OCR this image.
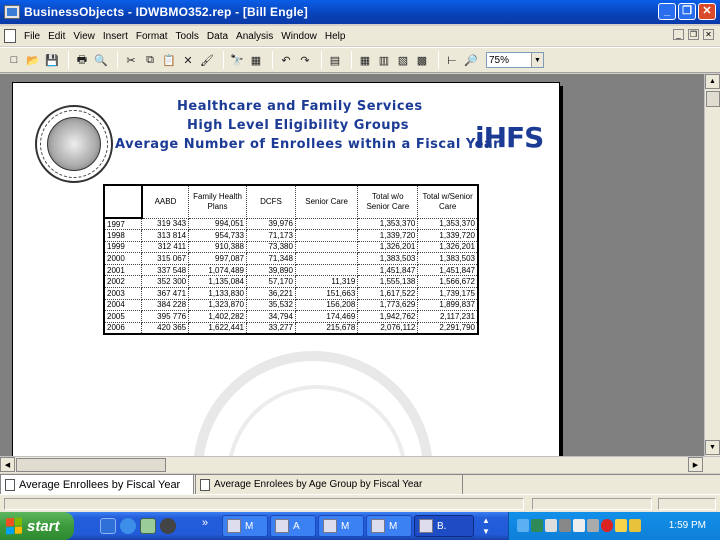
BusinessObjects - IDWBMO352.rep - [Bill Engle]	_	❐ ✕
File Edit View Insert Format Tools Data Analysis Window Help	_	❐ ✕
□ 📂 💾 🖶 🔍	✂ ⧉ 📋 ✕ 🖌 🔭 ▦	↶ ↷	▤ ▦ ▥ ▧ ▩ ⊢ 🔎 75%	▼
Healthcare and Family Services
High Level Eligibility Groups
Average Number of Enrollees within a Fiscal Year
iHFS
	AABD	Family Health Plans	DCFS	Senior Care	Total w/o Senior Care	Total w/Senior Care
1997	319 343	994,051	39,976		1,353,370	1,353,370
1998	313 814	954,733	71,173		1,339,720	1,339,720
1999	312 411	910,388	73,380		1,326,201	1,326,201
2000	315 067	997,087	71,348		1,383,503	1,383,503
2001	337 548	1,074,489	39,890		1,451,847	1,451,847
2002	352 300	1,135,084	57,170	11,319	1,555,138	1,566,672
2003	367 471	1,133,830	36,221	151,663	1,617,522	1,739,175
2004	384 228	1,323,870	35,532	156,208	1,773,629	1,899,837
2005	395 776	1,402,282	34,794	174,469	1,942,762	2,117,231
2006	420 365	1,622,441	33,277	215,678	2,076,112	2,291,790
▲
▼
◀	▶
Average Enrollees by Fiscal Year	Average Enrolees by Age Group by Fiscal Year
start	»	M	A	M	M	B.	▲
▼
1:59 PM
